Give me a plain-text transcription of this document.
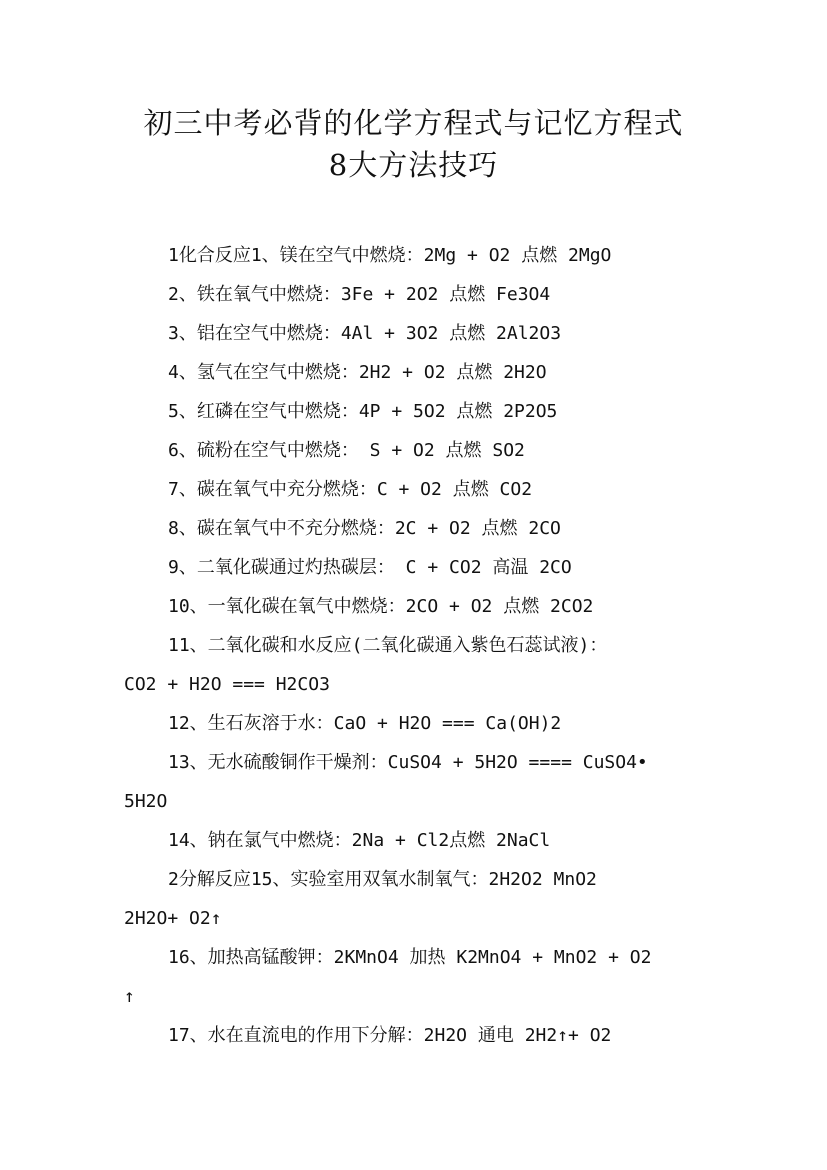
初三中考必背的化学方程式与记忆方程式
8大方法技巧
1化合反应1、镁在空气中燃烧：2Mg + O2 点燃 2MgO
2、铁在氧气中燃烧：3Fe + 2O2 点燃 Fe3O4
3、铝在空气中燃烧：4Al + 3O2 点燃 2Al2O3
4、氢气在空气中燃烧：2H2 + O2 点燃 2H2O
5、红磷在空气中燃烧：4P + 5O2 点燃 2P2O5
6、硫粉在空气中燃烧： S + O2 点燃 SO2
7、碳在氧气中充分燃烧：C + O2 点燃 CO2
8、碳在氧气中不充分燃烧：2C + O2 点燃 2CO
9、二氧化碳通过灼热碳层： C + CO2 高温 2CO
10、一氧化碳在氧气中燃烧：2CO + O2 点燃 2CO2
11、二氧化碳和水反应(二氧化碳通入紫色石蕊试液)：
CO2 + H2O === H2CO3
12、生石灰溶于水：CaO + H2O === Ca(OH)2
13、无水硫酸铜作干燥剂：CuSO4 + 5H2O ==== CuSO4•
5H2O
14、钠在氯气中燃烧：2Na + Cl2点燃 2NaCl
2分解反应15、实验室用双氧水制氧气：2H2O2 MnO2
2H2O+ O2↑
16、加热高锰酸钾：2KMnO4 加热 K2MnO4 + MnO2 + O2
↑
17、水在直流电的作用下分解：2H2O 通电 2H2↑+ O2
